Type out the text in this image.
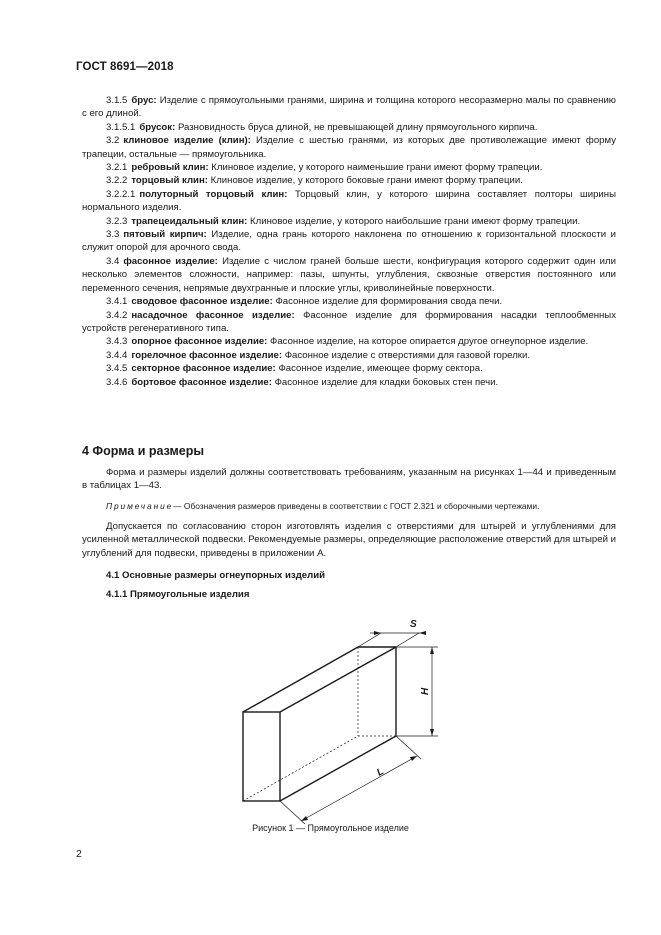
ГОСТ 8691—2018

3.1.5 брус: Изделие с прямоугольными гранями, ширина и толщина которого несоразмерно малы по сравнению с его длиной.

3.1.5.1 брусок: Разновидность бруса длиной, не превышающей длину прямоугольного кирпича.

3.2 клиновое изделие (клин): Изделие с шестью гранями, из которых две противолежащие имеют форму трапеции, остальные — прямоугольника.

3.2.1 ребровый клин: Клиновое изделие, у которого наименьшие грани имеют форму трапеции.

3.2.2 торцовый клин: Клиновое изделие, у которого боковые грани имеют форму трапеции.

3.2.2.1 полуторный торцовый клин: Торцовый клин, у которого ширина составляет полторы ширины нормального изделия.

3.2.3 трапецеидальный клин: Клиновое изделие, у которого наибольшие грани имеют форму трапеции.

3.3 пятовый кирпич: Изделие, одна грань которого наклонена по отношению к горизонтальной плоскости и служит опорой для арочного свода.

3.4 фасонное изделие: Изделие с числом граней больше шести, конфигурация которого содержит один или несколько элементов сложности, например: пазы, шпунты, углубления, сквозные отверстия постоянного или переменного сечения, непрямые двухгранные и плоские углы, криволинейные поверхности.

3.4.1 сводовое фасонное изделие: Фасонное изделие для формирования свода печи.

3.4.2 насадочное фасонное изделие: Фасонное изделие для формирования насадки теплообменных устройств регенеративного типа.

3.4.3 опорное фасонное изделие: Фасонное изделие, на которое опирается другое огнеупорное изделие.

3.4.4 горелочное фасонное изделие: Фасонное изделие с отверстиями для газовой горелки.

3.4.5 секторное фасонное изделие: Фасонное изделие, имеющее форму сектора.

3.4.6 бортовое фасонное изделие: Фасонное изделие для кладки боковых стен печи.

4 Форма и размеры

Форма и размеры изделий должны соответствовать требованиям, указанным на рисунках 1—44 и приведенным в таблицах 1—43.

Примечание— Обозначения размеров приведены в соответствии с ГОСТ 2.321 и сборочными чертежами.

Допускается по согласованию сторон изготовлять изделия с отверстиями для штырей и углублениями для усиленной металлической подвески. Рекомендуемые размеры, определяющие расположение отверстий для штырей и углублений для подвески, приведены в приложении А.

4.1 Основные размеры огнеупорных изделий
4.1.1 Прямоугольные изделия
S
H
L
Рисунок 1 — Прямоугольное изделие
2
